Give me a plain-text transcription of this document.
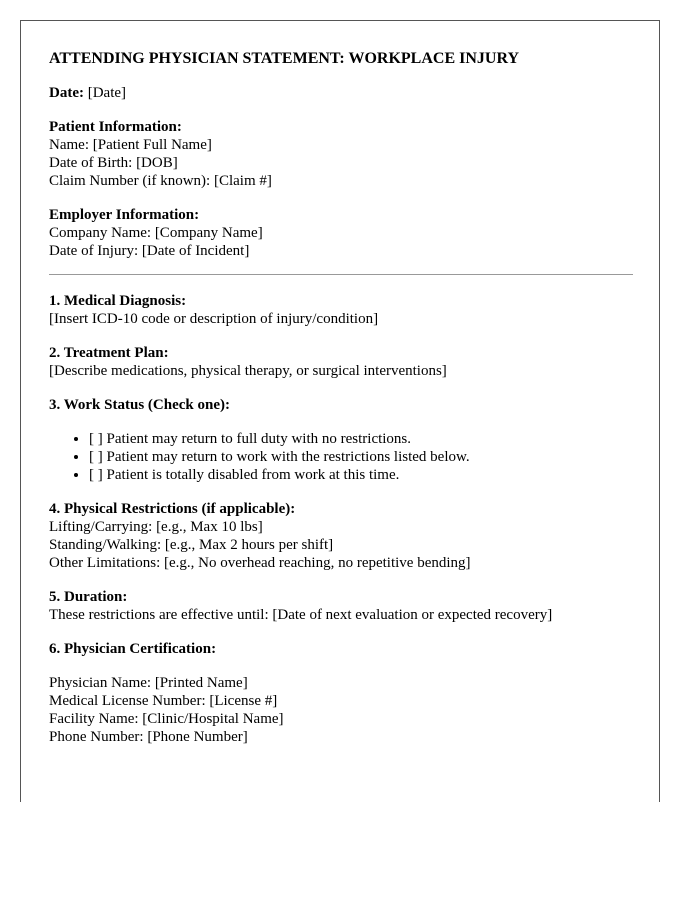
ATTENDING PHYSICIAN STATEMENT: WORKPLACE INJURY
Date: [Date]
Patient Information:
Name: [Patient Full Name]
Date of Birth: [DOB]
Claim Number (if known): [Claim #]
Employer Information:
Company Name: [Company Name]
Date of Injury: [Date of Incident]
1. Medical Diagnosis:
[Insert ICD-10 code or description of injury/condition]
2. Treatment Plan:
[Describe medications, physical therapy, or surgical interventions]
3. Work Status (Check one):
• [ ] Patient may return to full duty with no restrictions.
• [ ] Patient may return to work with the restrictions listed below.
• [ ] Patient is totally disabled from work at this time.
4. Physical Restrictions (if applicable):
Lifting/Carrying: [e.g., Max 10 lbs]
Standing/Walking: [e.g., Max 2 hours per shift]
Other Limitations: [e.g., No overhead reaching, no repetitive bending]
5. Duration:
These restrictions are effective until: [Date of next evaluation or expected recovery]
6. Physician Certification:
Physician Name: [Printed Name]
Medical License Number: [License #]
Facility Name: [Clinic/Hospital Name]
Phone Number: [Phone Number]
